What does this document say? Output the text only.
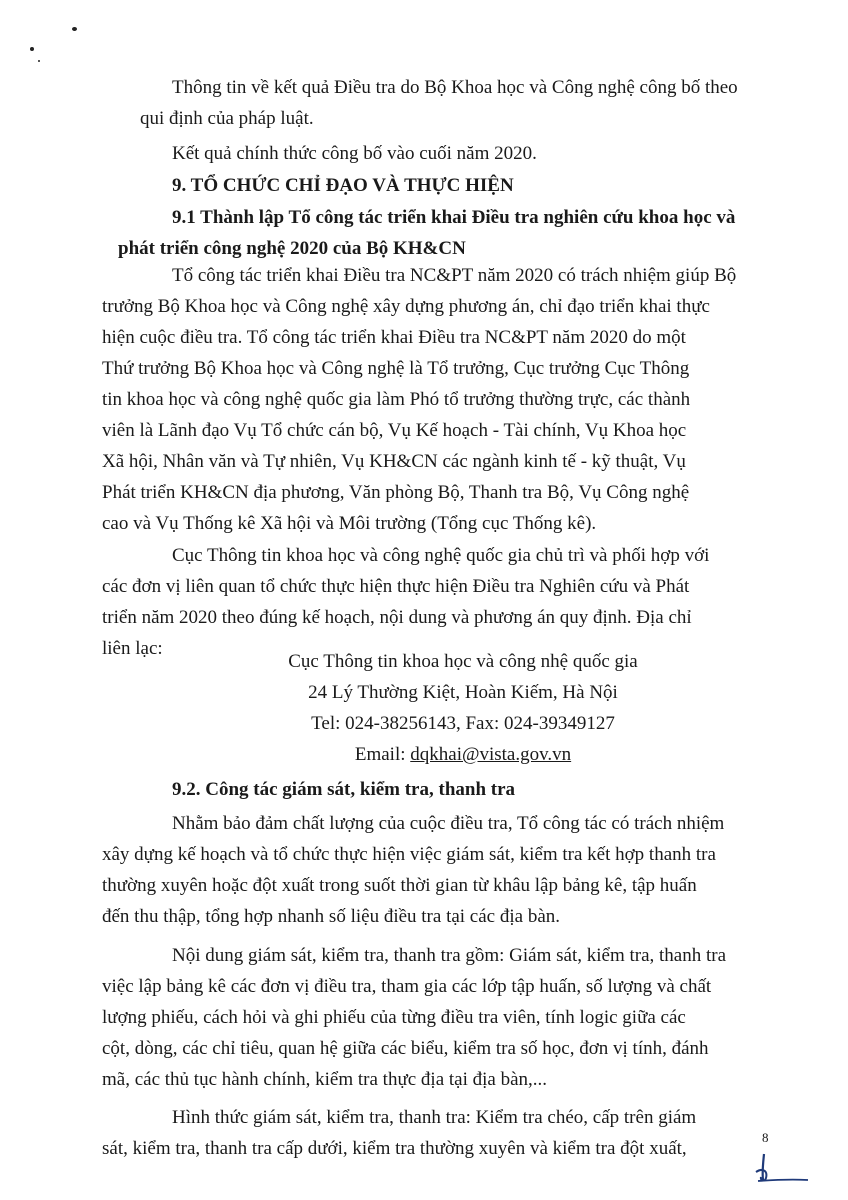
Thông tin về kết quả Điều tra do Bộ Khoa học và Công nghệ công bố theo
qui định của pháp luật.
Kết quả chính thức công bố vào cuối năm 2020.
9. TỔ CHỨC CHỈ ĐẠO VÀ THỰC HIỆN
9.1 Thành lập Tổ công tác triển khai Điều tra nghiên cứu khoa học và
phát triển công nghệ 2020 của Bộ KH&CN
Tổ công tác triển khai Điều tra NC&PT năm 2020 có trách nhiệm giúp Bộ
trưởng Bộ Khoa học và Công nghệ xây dựng phương án, chỉ đạo triển khai thực
hiện cuộc điều tra. Tổ công tác triển khai Điều tra NC&PT năm 2020 do một
Thứ trưởng Bộ Khoa học và Công nghệ là Tổ trưởng, Cục trưởng Cục Thông
tin khoa học và công nghệ quốc gia làm Phó tổ trưởng thường trực, các thành
viên là Lãnh đạo Vụ Tổ chức cán bộ, Vụ Kế hoạch - Tài chính, Vụ Khoa học
Xã hội, Nhân văn và Tự nhiên, Vụ KH&CN các ngành kinh tế - kỹ thuật, Vụ
Phát triển KH&CN địa phương, Văn phòng Bộ, Thanh tra Bộ, Vụ Công nghệ
cao và Vụ Thống kê Xã hội và Môi trường (Tổng cục Thống kê).
Cục Thông tin khoa học và công nghệ quốc gia chủ trì và phối hợp với
các đơn vị liên quan tổ chức thực hiện thực hiện Điều tra Nghiên cứu và Phát
triển năm 2020 theo đúng kế hoạch, nội dung và phương án quy định. Địa chỉ
liên lạc:
Cục Thông tin khoa học và công nhệ quốc gia
24 Lý Thường Kiệt, Hoàn Kiếm, Hà Nội
Tel: 024-38256143, Fax: 024-39349127
Email: dqkhai@vista.gov.vn
9.2. Công tác giám sát, kiểm tra, thanh tra
Nhằm bảo đảm chất lượng của cuộc điều tra, Tổ công tác có trách nhiệm
xây dựng kế hoạch và tổ chức thực hiện việc giám sát, kiểm tra kết hợp thanh tra
thường xuyên hoặc đột xuất trong suốt thời gian từ khâu lập bảng kê, tập huấn
đến thu thập, tổng hợp nhanh số liệu điều tra tại các địa bàn.
Nội dung giám sát, kiểm tra, thanh tra gồm: Giám sát, kiểm tra, thanh tra
việc lập bảng kê các đơn vị điều tra, tham gia các lớp tập huấn, số lượng và chất
lượng phiếu, cách hỏi và ghi phiếu của từng điều tra viên, tính logic giữa các
cột, dòng, các chỉ tiêu, quan hệ giữa các biểu, kiểm tra số học, đơn vị tính, đánh
mã, các thủ tục hành chính, kiểm tra thực địa tại địa bàn,...
Hình thức giám sát, kiểm tra, thanh tra: Kiểm tra chéo, cấp trên giám
sát, kiểm tra, thanh tra cấp dưới, kiểm tra thường xuyên và kiểm tra đột xuất,
8
